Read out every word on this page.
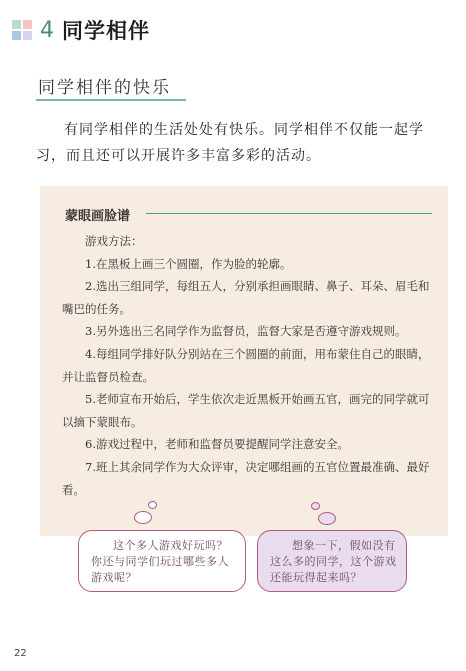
4 同学相伴
同学相伴的快乐

有同学相伴的生活处处有快乐。同学相伴不仅能一起学习，而且还可以开展许多丰富多彩的活动。

蒙眼画脸谱

游戏方法：

1.在黑板上画三个圆圈，作为脸的轮廓。

2.选出三组同学，每组五人，分别承担画眼睛、鼻子、耳朵、眉毛和嘴巴的任务。

3.另外选出三名同学作为监督员，监督大家是否遵守游戏规则。

4.每组同学排好队分别站在三个圆圈的前面，用布蒙住自己的眼睛，并让监督员检查。

5.老师宣布开始后，学生依次走近黑板开始画五官，画完的同学就可以摘下蒙眼布。

6.游戏过程中，老师和监督员要提醒同学注意安全。

7.班上其余同学作为大众评审，决定哪组画的五官位置最准确、最好看。

这个多人游戏好玩吗？你还与同学们玩过哪些多人游戏呢？

想象一下，假如没有这么多的同学，这个游戏还能玩得起来吗？

22
